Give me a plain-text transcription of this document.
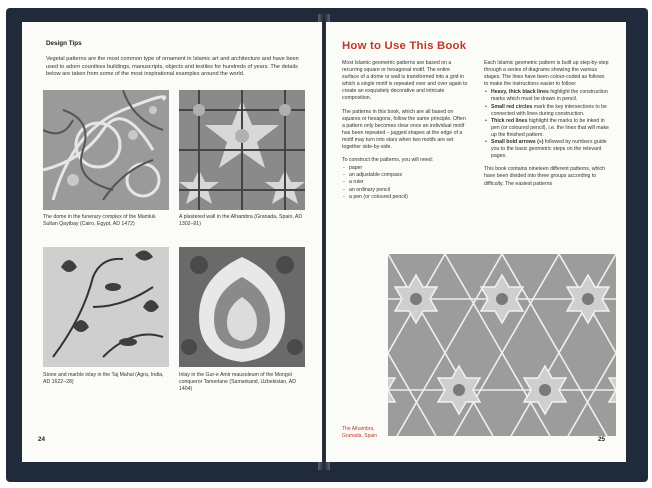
Design Tips
Vegetal patterns are the most common type of ornament in Islamic art and architecture and have been used to adorn countless buildings, manuscripts, objects and textiles for hundreds of years. The details below are taken from some of the most inspirational examples around the world.
The dome in the funerary complex of the Mamluk Sultan Qaytbay (Cairo, Egypt, AD 1472)
A plastered wall in the Alhambra (Granada, Spain, AD 1302–91)
Stone and marble inlay in the Taj Mahal (Agra, India, AD 1622–28)
Inlay in the Gur-e Amir mausoleum of the Mongol conqueror Tamerlane (Samarkand, Uzbekistan, AD 1404)
24
How to Use This Book

Most Islamic geometric patterns are based on a recurring square or hexagonal motif. The entire surface of a dome or wall is transformed into a grid in which a single motif is repeated over and over again to create an exquisitely decorative and intricate composition.

The patterns in this book, which are all based on squares or hexagons, follow the same principle. Often a pattern only becomes clear once an individual motif has been repeated – jagged shapes at the edge of a motif may turn into stars when two motifs are set together side-by-side.

To construct the patterns, you will need:

- paper
- an adjustable compass
- a ruler
- an ordinary pencil
- a pen (or coloured pencil)

Each Islamic geometric pattern is built up step-by-step through a series of diagrams showing the various stages. The lines have been colour-coded as follows to make the instructions easier to follow:

• Heavy, thick black lines highlight the construction marks which must be drawn in pencil.
• Small red circles mark the key intersections to be connected with lines during construction.
• Thick red lines highlight the marks to be inked in pen (or coloured pencil), i.e. the lines that will make up the finished pattern.
• Small bold arrows (») followed by numbers guide you to the basic geometric steps on the relevant pages.

This book contains nineteen different patterns, which have been divided into three groups according to difficulty. The easiest patterns

The Alhambra, Granada, Spain
25
